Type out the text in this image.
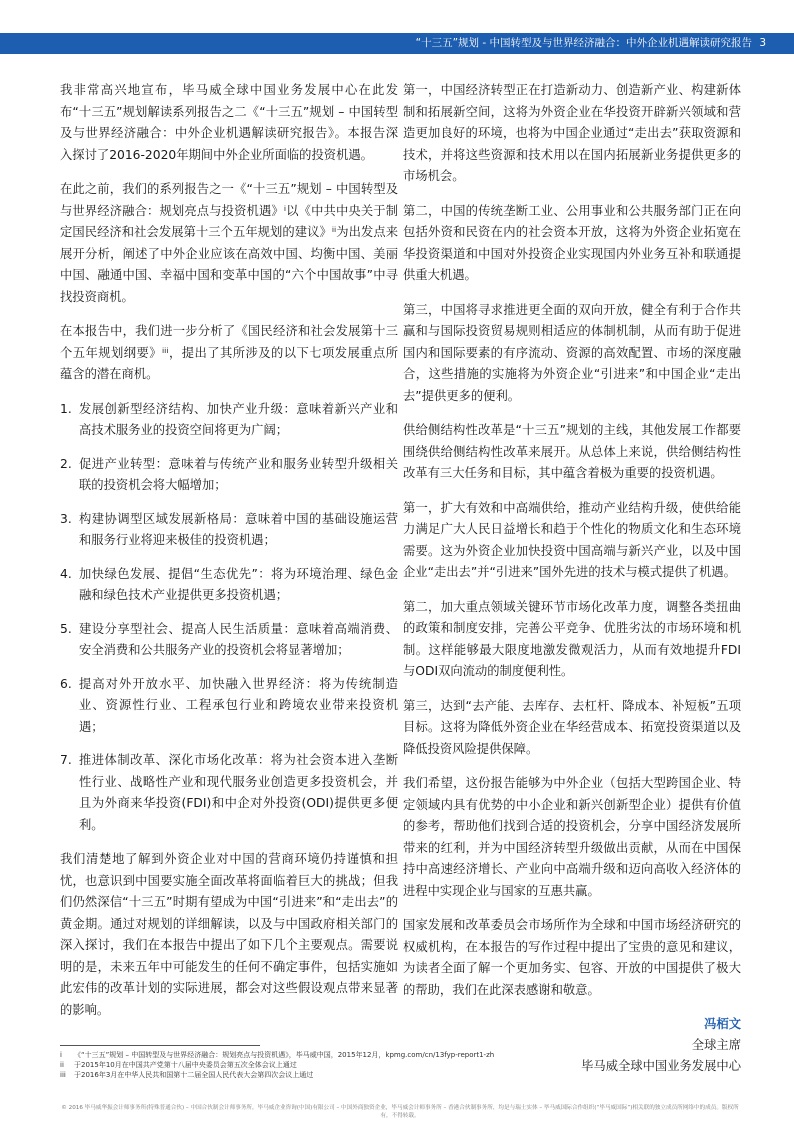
“十三五”规划 - 中国转型及与世界经济融合：中外企业机遇解读研究报告 3

我非常高兴地宣布，毕马威全球中国业务发展中心在此发布“十三五”规划解读系列报告之二《“十三五”规划 – 中国转型及与世界经济融合：中外企业机遇解读研究报告》。本报告深入探讨了2016-2020年期间中外企业所面临的投资机遇。

在此之前，我们的系列报告之一《“十三五”规划 – 中国转型及与世界经济融合：规划亮点与投资机遇》ⁱ以《中共中央关于制定国民经济和社会发展第十三个五年规划的建议》ⁱⁱ为出发点来展开分析，阐述了中外企业应该在高效中国、均衡中国、美丽中国、融通中国、幸福中国和变革中国的“六个中国故事”中寻找投资商机。

在本报告中，我们进一步分析了《国民经济和社会发展第十三个五年规划纲要》ⁱⁱⁱ，提出了其所涉及的以下七项发展重点所蕴含的潜在商机。

1. 发展创新型经济结构、加快产业升级：意味着新兴产业和高技术服务业的投资空间将更为广阔；
2. 促进产业转型：意味着与传统产业和服务业转型升级相关联的投资机会将大幅增加；
3. 构建协调型区域发展新格局：意味着中国的基础设施运营和服务行业将迎来极佳的投资机遇；
4. 加快绿色发展、提倡“生态优先”：将为环境治理、绿色金融和绿色技术产业提供更多投资机遇；
5. 建设分享型社会、提高人民生活质量：意味着高端消费、安全消费和公共服务产业的投资机会将显著增加；
6. 提高对外开放水平、加快融入世界经济：将为传统制造业、资源性行业、工程承包行业和跨境农业带来投资机遇；
7. 推进体制改革、深化市场化改革：将为社会资本进入垄断性行业、战略性产业和现代服务业创造更多投资机会，并且为外商来华投资(FDI)和中企对外投资(ODI)提供更多便利。

我们清楚地了解到外资企业对中国的营商环境仍持谨慎和担忧，也意识到中国要实施全面改革将面临着巨大的挑战；但我们仍然深信“十三五”时期有望成为中国“引进来”和“走出去”的黄金期。通过对规划的详细解读，以及与中国政府相关部门的深入探讨，我们在本报告中提出了如下几个主要观点。需要说明的是，未来五年中可能发生的任何不确定事件，包括实施如此宏伟的改革计划的实际进展，都会对这些假设观点带来显著的影响。

第一，中国经济转型正在打造新动力、创造新产业、构建新体制和拓展新空间，这将为外资企业在华投资开辟新兴领域和营造更加良好的环境，也将为中国企业通过“走出去”获取资源和技术，并将这些资源和技术用以在国内拓展新业务提供更多的市场机会。

第二，中国的传统垄断工业、公用事业和公共服务部门正在向包括外资和民资在内的社会资本开放，这将为外资企业拓宽在华投资渠道和中国对外投资企业实现国内外业务互补和联通提供重大机遇。

第三，中国将寻求推进更全面的双向开放，健全有利于合作共赢和与国际投资贸易规则相适应的体制机制，从而有助于促进国内和国际要素的有序流动、资源的高效配置、市场的深度融合，这些措施的实施将为外资企业“引进来”和中国企业“走出去”提供更多的便利。

供给侧结构性改革是“十三五”规划的主线，其他发展工作都要围绕供给侧结构性改革来展开。从总体上来说，供给侧结构性改革有三大任务和目标，其中蕴含着极为重要的投资机遇。

第一，扩大有效和中高端供给，推动产业结构升级，使供给能力满足广大人民日益增长和趋于个性化的物质文化和生态环境需要。这为外资企业加快投资中国高端与新兴产业，以及中国企业“走出去”并“引进来”国外先进的技术与模式提供了机遇。

第二，加大重点领域关键环节市场化改革力度，调整各类扭曲的政策和制度安排，完善公平竞争、优胜劣汰的市场环境和机制。这样能够最大限度地激发微观活力，从而有效地提升FDI与ODI双向流动的制度便利性。

第三，达到“去产能、去库存、去杠杆、降成本、补短板”五项目标。这将为降低外资企业在华经营成本、拓宽投资渠道以及降低投资风险提供保障。

我们希望，这份报告能够为中外企业（包括大型跨国企业、特定领域内具有优势的中小企业和新兴创新型企业）提供有价值的参考，帮助他们找到合适的投资机会，分享中国经济发展所带来的红利，并为中国经济转型升级做出贡献，从而在中国保持中高速经济增长、产业向中高端升级和迈向高收入经济体的进程中实现企业与国家的互惠共赢。

国家发展和改革委员会市场所作为全球和中国市场经济研究的权威机构，在本报告的写作过程中提出了宝贵的意见和建议，为读者全面了解一个更加务实、包容、开放的中国提供了极大的帮助，我们在此深表感谢和敬意。

冯栢文
全球主席
毕马威全球中国业务发展中心
i 《“十三五”规划 – 中国转型及与世界经济融合：规划亮点与投资机遇》，毕马威中国，2015年12月，kpmg.com/cn/13fyp-report1-zh
ii 于2015年10月在中国共产党第十八届中央委员会第五次全体会议上通过
iii 于2016年3月在中华人民共和国第十二届全国人民代表大会第四次会议上通过
© 2016 毕马威华振会计师事务所(特殊普通合伙) – 中国合伙制会计师事务所，毕马威企业咨询(中国)有限公司 – 中国外商独资企业，毕马威会计师事务所 – 香港合伙制事务所，均是与瑞士实体 – 毕马威国际合作组织(“毕马威国际”)相关联的独立成员所网络中的成员。版权所有，不得转载。
